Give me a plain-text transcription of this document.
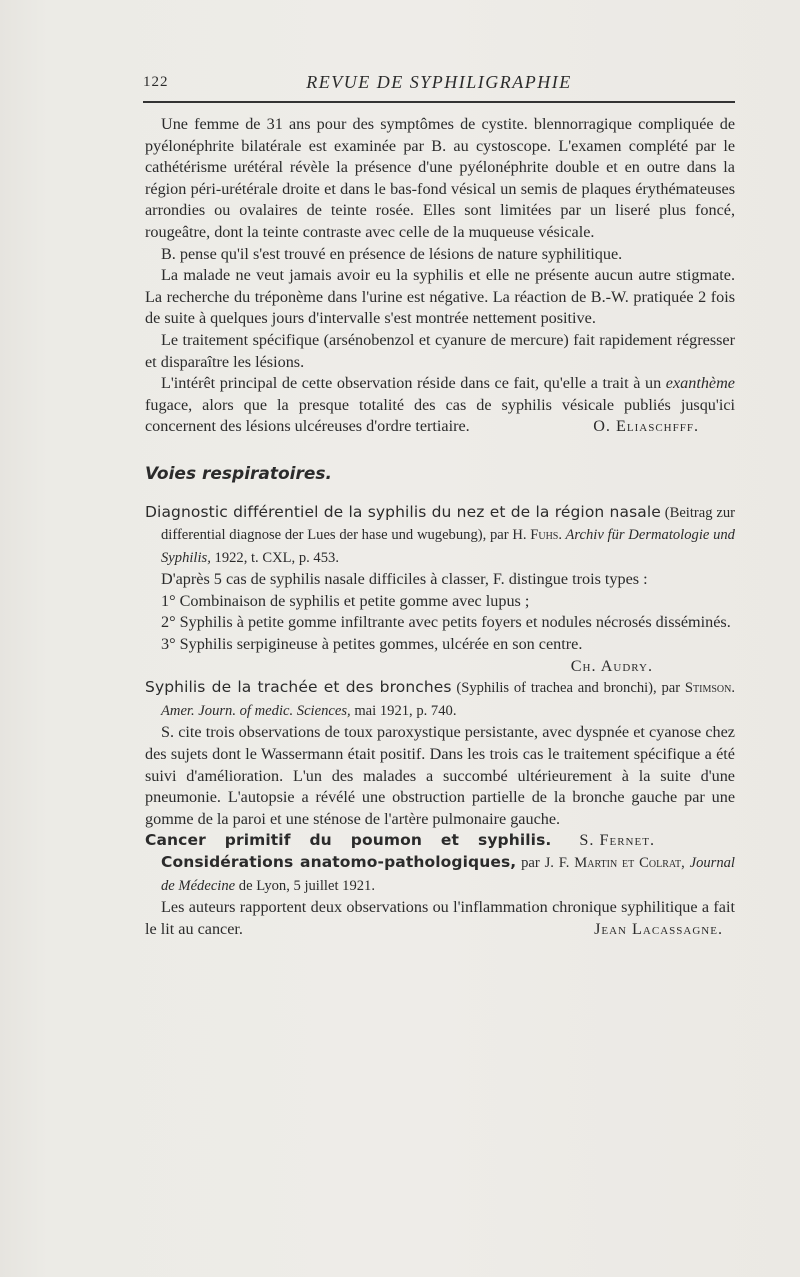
122	REVUE DE SYPHILIGRAPHIE

Une femme de 31 ans pour des symptômes de cystite. blennorragique compliquée de pyélonéphrite bilatérale est examinée par B. au cystoscope. L'examen complété par le cathétérisme urétéral révèle la présence d'une pyélonéphrite double et en outre dans la région péri-urétérale droite et dans le bas-fond vésical un semis de plaques érythémateuses arrondies ou ovalaires de teinte rosée. Elles sont limitées par un liseré plus foncé, rougeâtre, dont la teinte contraste avec celle de la muqueuse vésicale.

B. pense qu'il s'est trouvé en présence de lésions de nature syphilitique.

La malade ne veut jamais avoir eu la syphilis et elle ne présente aucun autre stigmate. La recherche du tréponème dans l'urine est négative. La réaction de B.-W. pratiquée 2 fois de suite à quelques jours d'intervalle s'est montrée nettement positive.

Le traitement spécifique (arsénobenzol et cyanure de mercure) fait rapidement régresser et disparaître les lésions.

L'intérêt principal de cette observation réside dans ce fait, qu'elle a trait à un exanthème fugace, alors que la presque totalité des cas de syphilis vésicale publiés jusqu'ici concernent des lésions ulcéreuses d'ordre tertiaire.	O. Eliaschfff.

Voies respiratoires.

Diagnostic différentiel de la syphilis du nez et de la région nasale (Beitrag zur differential diagnose der Lues der hase und wugebung), par H. Fuhs. Archiv für Dermatologie und Syphilis, 1922, t. CXL, p. 453.

D'après 5 cas de syphilis nasale difficiles à classer, F. distingue trois types :

1° Combinaison de syphilis et petite gomme avec lupus ;

2° Syphilis à petite gomme infiltrante avec petits foyers et nodules nécrosés disséminés.

3° Syphilis serpigineuse à petites gommes, ulcérée en son centre.

Ch. Audry.

Syphilis de la trachée et des bronches (Syphilis of trachea and bronchi), par Stimson. Amer. Journ. of medic. Sciences, mai 1921, p. 740.

S. cite trois observations de toux paroxystique persistante, avec dyspnée et cyanose chez des sujets dont le Wassermann était positif. Dans les trois cas le traitement spécifique a été suivi d'amélioration. L'un des malades a succombé ultérieurement à la suite d'une pneumonie. L'autopsie a révélé une obstruction partielle de la bronche gauche par une gomme de la paroi et une sténose de l'artère pulmonaire gauche.
S. Fernet.

Cancer primitif du poumon et syphilis. Considérations anatomo-pathologiques, par J. F. Martin et Colrat, Journal de Médecine de Lyon, 5 juillet 1921.

Les auteurs rapportent deux observations ou l'inflammation chronique syphilitique a fait le lit au cancer.	Jean Lacassagne.
